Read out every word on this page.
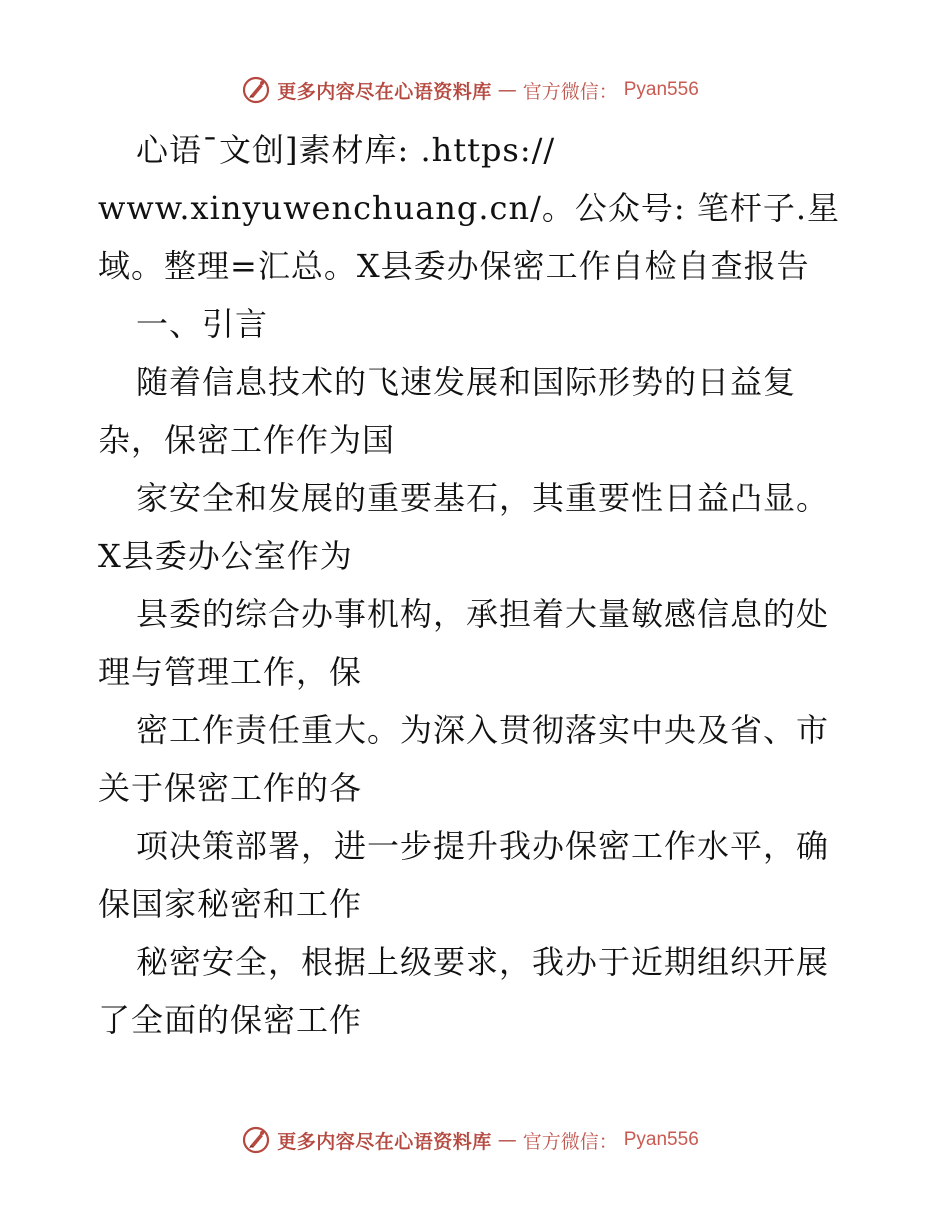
更多内容尽在心语资料库 — 官方微信： Pyan556
心语¯文创]素材库: .https://
www.xinyuwenchuang.cn/。公众号: 笔杆子.星
域。整理=汇总。X县委办保密工作自检自查报告
一、引言
随着信息技术的飞速发展和国际形势的日益复
杂，保密工作作为国
家安全和发展的重要基石，其重要性日益凸显。
X县委办公室作为
县委的综合办事机构，承担着大量敏感信息的处
理与管理工作，保
密工作责任重大。为深入贯彻落实中央及省、市
关于保密工作的各
项决策部署，进一步提升我办保密工作水平，确
保国家秘密和工作
秘密安全，根据上级要求，我办于近期组织开展
了全面的保密工作
更多内容尽在心语资料库 — 官方微信： Pyan556
